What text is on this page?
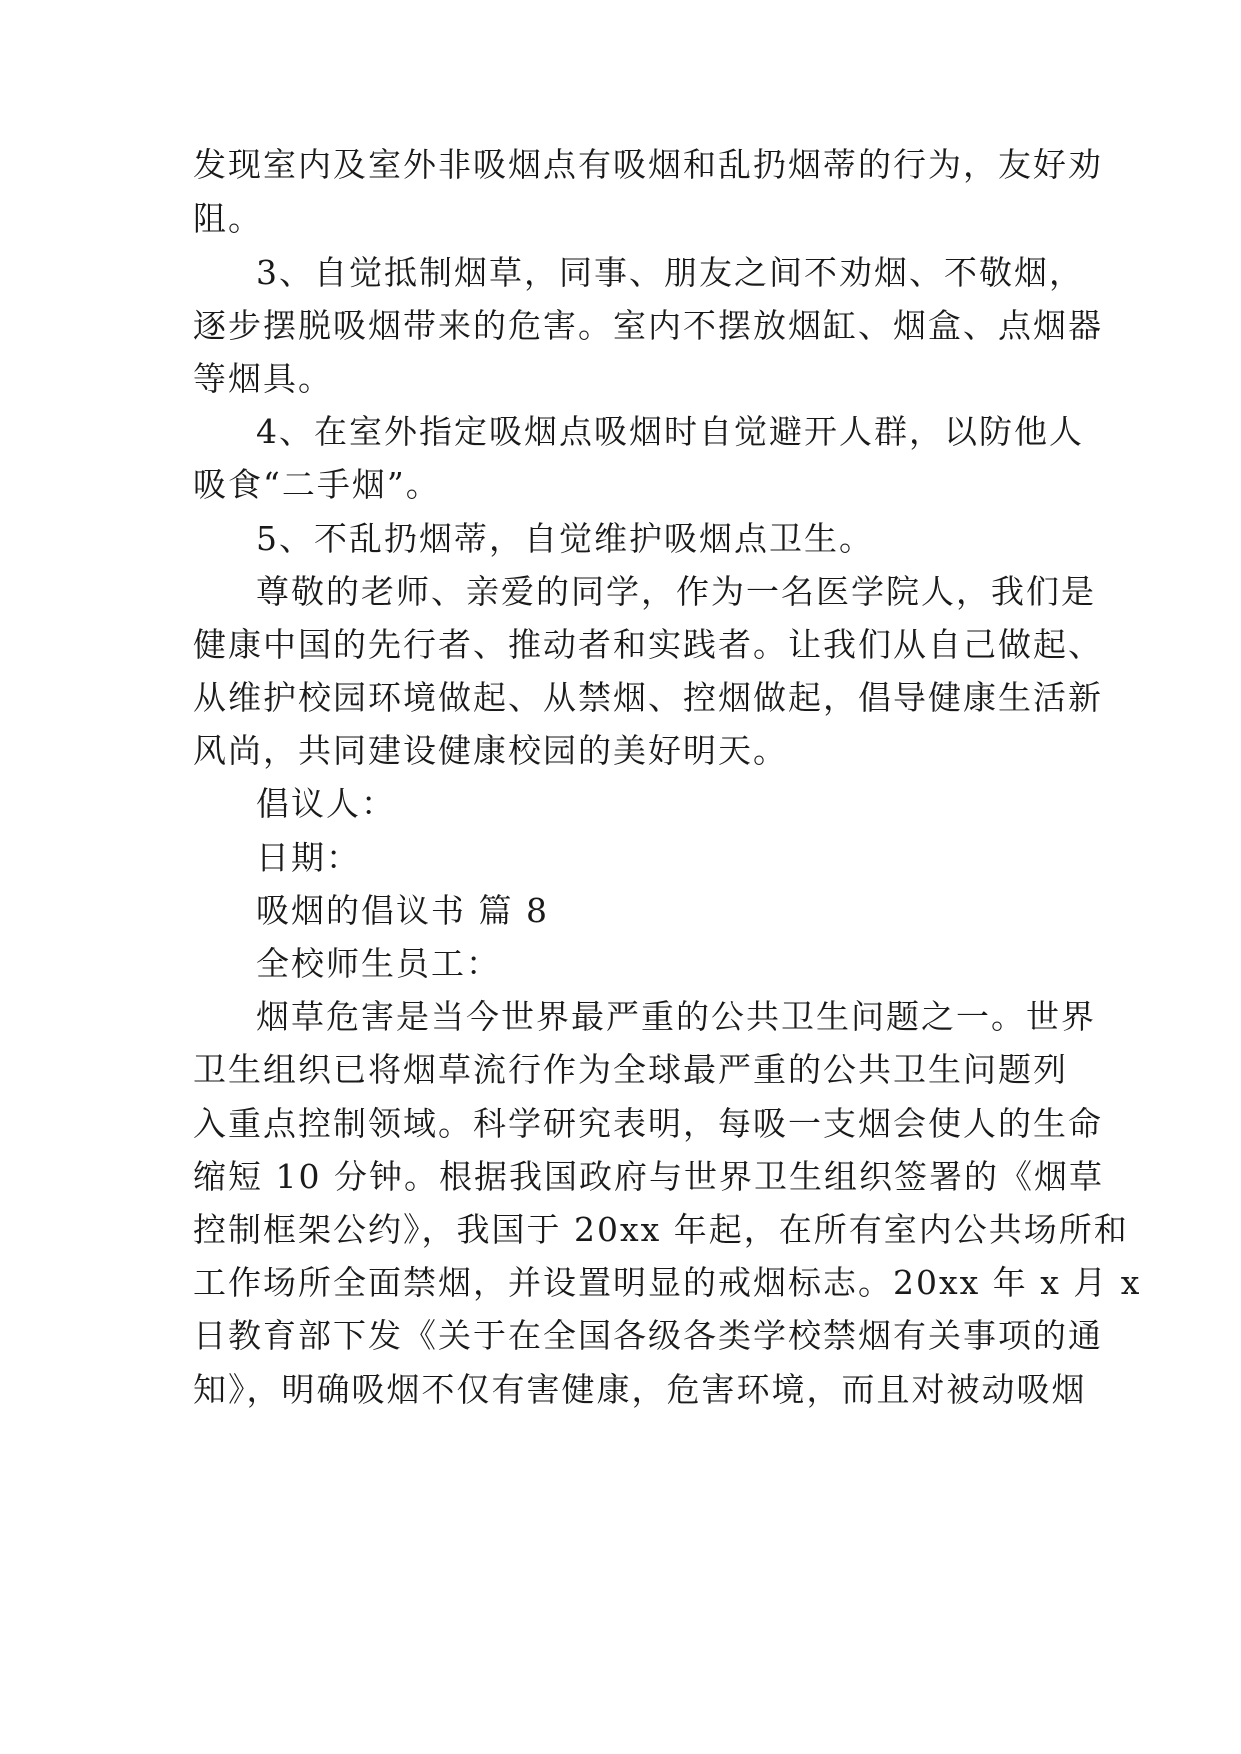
发现室内及室外非吸烟点有吸烟和乱扔烟蒂的行为，友好劝
阻。
3、自觉抵制烟草，同事、朋友之间不劝烟、不敬烟，
逐步摆脱吸烟带来的危害。室内不摆放烟缸、烟盒、点烟器
等烟具。
4、在室外指定吸烟点吸烟时自觉避开人群，以防他人
吸食“二手烟”。
5、不乱扔烟蒂，自觉维护吸烟点卫生。
尊敬的老师、亲爱的同学，作为一名医学院人，我们是
健康中国的先行者、推动者和实践者。让我们从自己做起、
从维护校园环境做起、从禁烟、控烟做起，倡导健康生活新
风尚，共同建设健康校园的美好明天。
倡议人：
日期：
吸烟的倡议书 篇 8
全校师生员工：
烟草危害是当今世界最严重的公共卫生问题之一。世界
卫生组织已将烟草流行作为全球最严重的公共卫生问题列
入重点控制领域。科学研究表明，每吸一支烟会使人的生命
缩短 10 分钟。根据我国政府与世界卫生组织签署的《烟草
控制框架公约》，我国于 20xx 年起，在所有室内公共场所和
工作场所全面禁烟，并设置明显的戒烟标志。20xx 年 x 月 x
日教育部下发《关于在全国各级各类学校禁烟有关事项的通
知》，明确吸烟不仅有害健康，危害环境，而且对被动吸烟
